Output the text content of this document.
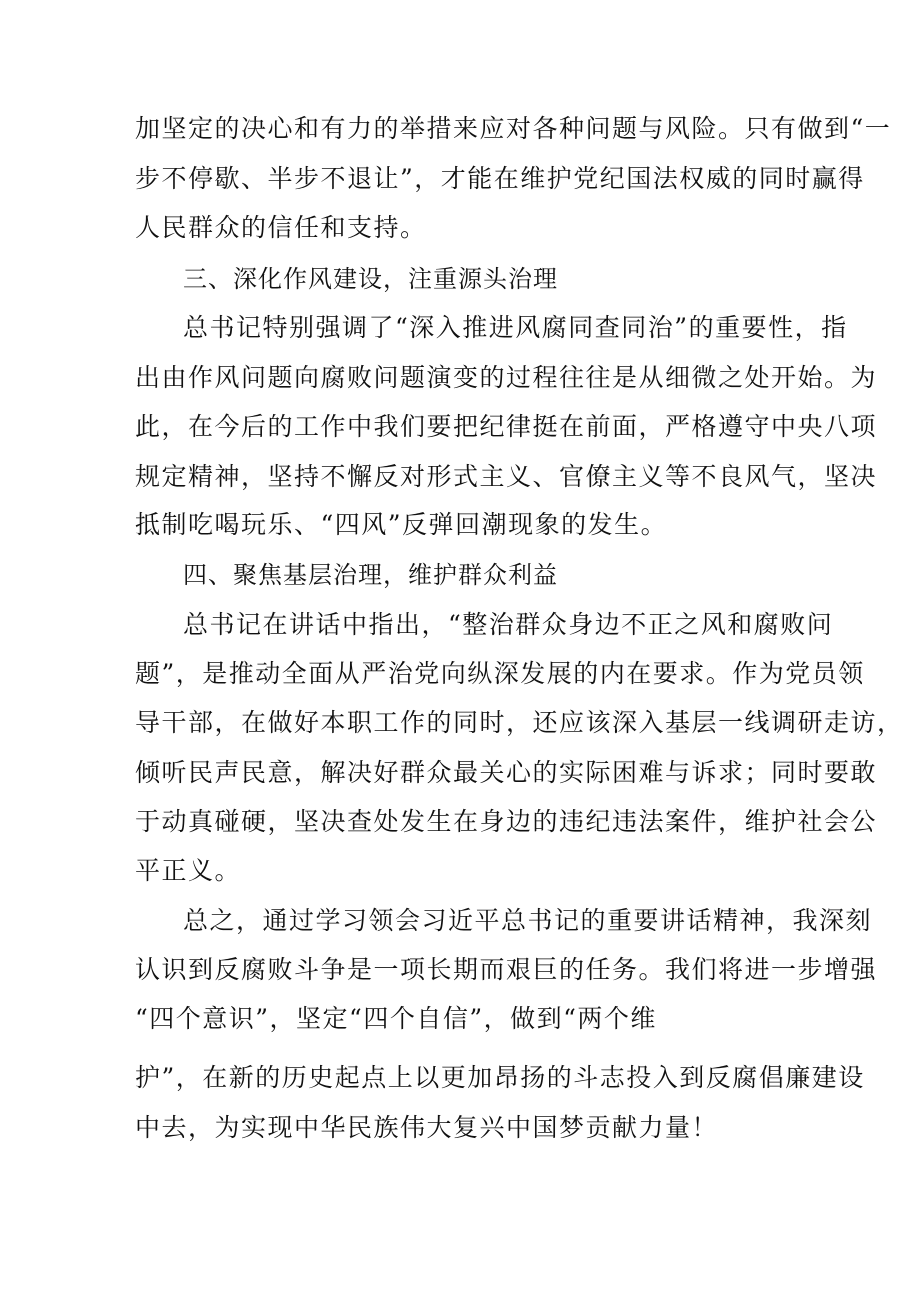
加坚定的决心和有力的举措来应对各种问题与风险。只有做到“一
步不停歇、半步不退让”，才能在维护党纪国法权威的同时赢得
人民群众的信任和支持。
三、深化作风建设，注重源头治理
总书记特别强调了“深入推进风腐同查同治”的重要性，指
出由作风问题向腐败问题演变的过程往往是从细微之处开始。为
此，在今后的工作中我们要把纪律挺在前面，严格遵守中央八项
规定精神，坚持不懈反对形式主义、官僚主义等不良风气，坚决
抵制吃喝玩乐、“四风”反弹回潮现象的发生。
四、聚焦基层治理，维护群众利益
总书记在讲话中指出，“整治群众身边不正之风和腐败问
题”，是推动全面从严治党向纵深发展的内在要求。作为党员领
导干部，在做好本职工作的同时，还应该深入基层一线调研走访，
倾听民声民意，解决好群众最关心的实际困难与诉求；同时要敢
于动真碰硬，坚决查处发生在身边的违纪违法案件，维护社会公
平正义。
总之，通过学习领会习近平总书记的重要讲话精神，我深刻
认识到反腐败斗争是一项长期而艰巨的任务。我们将进一步增强
“四个意识”，坚定“四个自信”，做到“两个维
护”，在新的历史起点上以更加昂扬的斗志投入到反腐倡廉建设
中去，为实现中华民族伟大复兴中国梦贡献力量！
